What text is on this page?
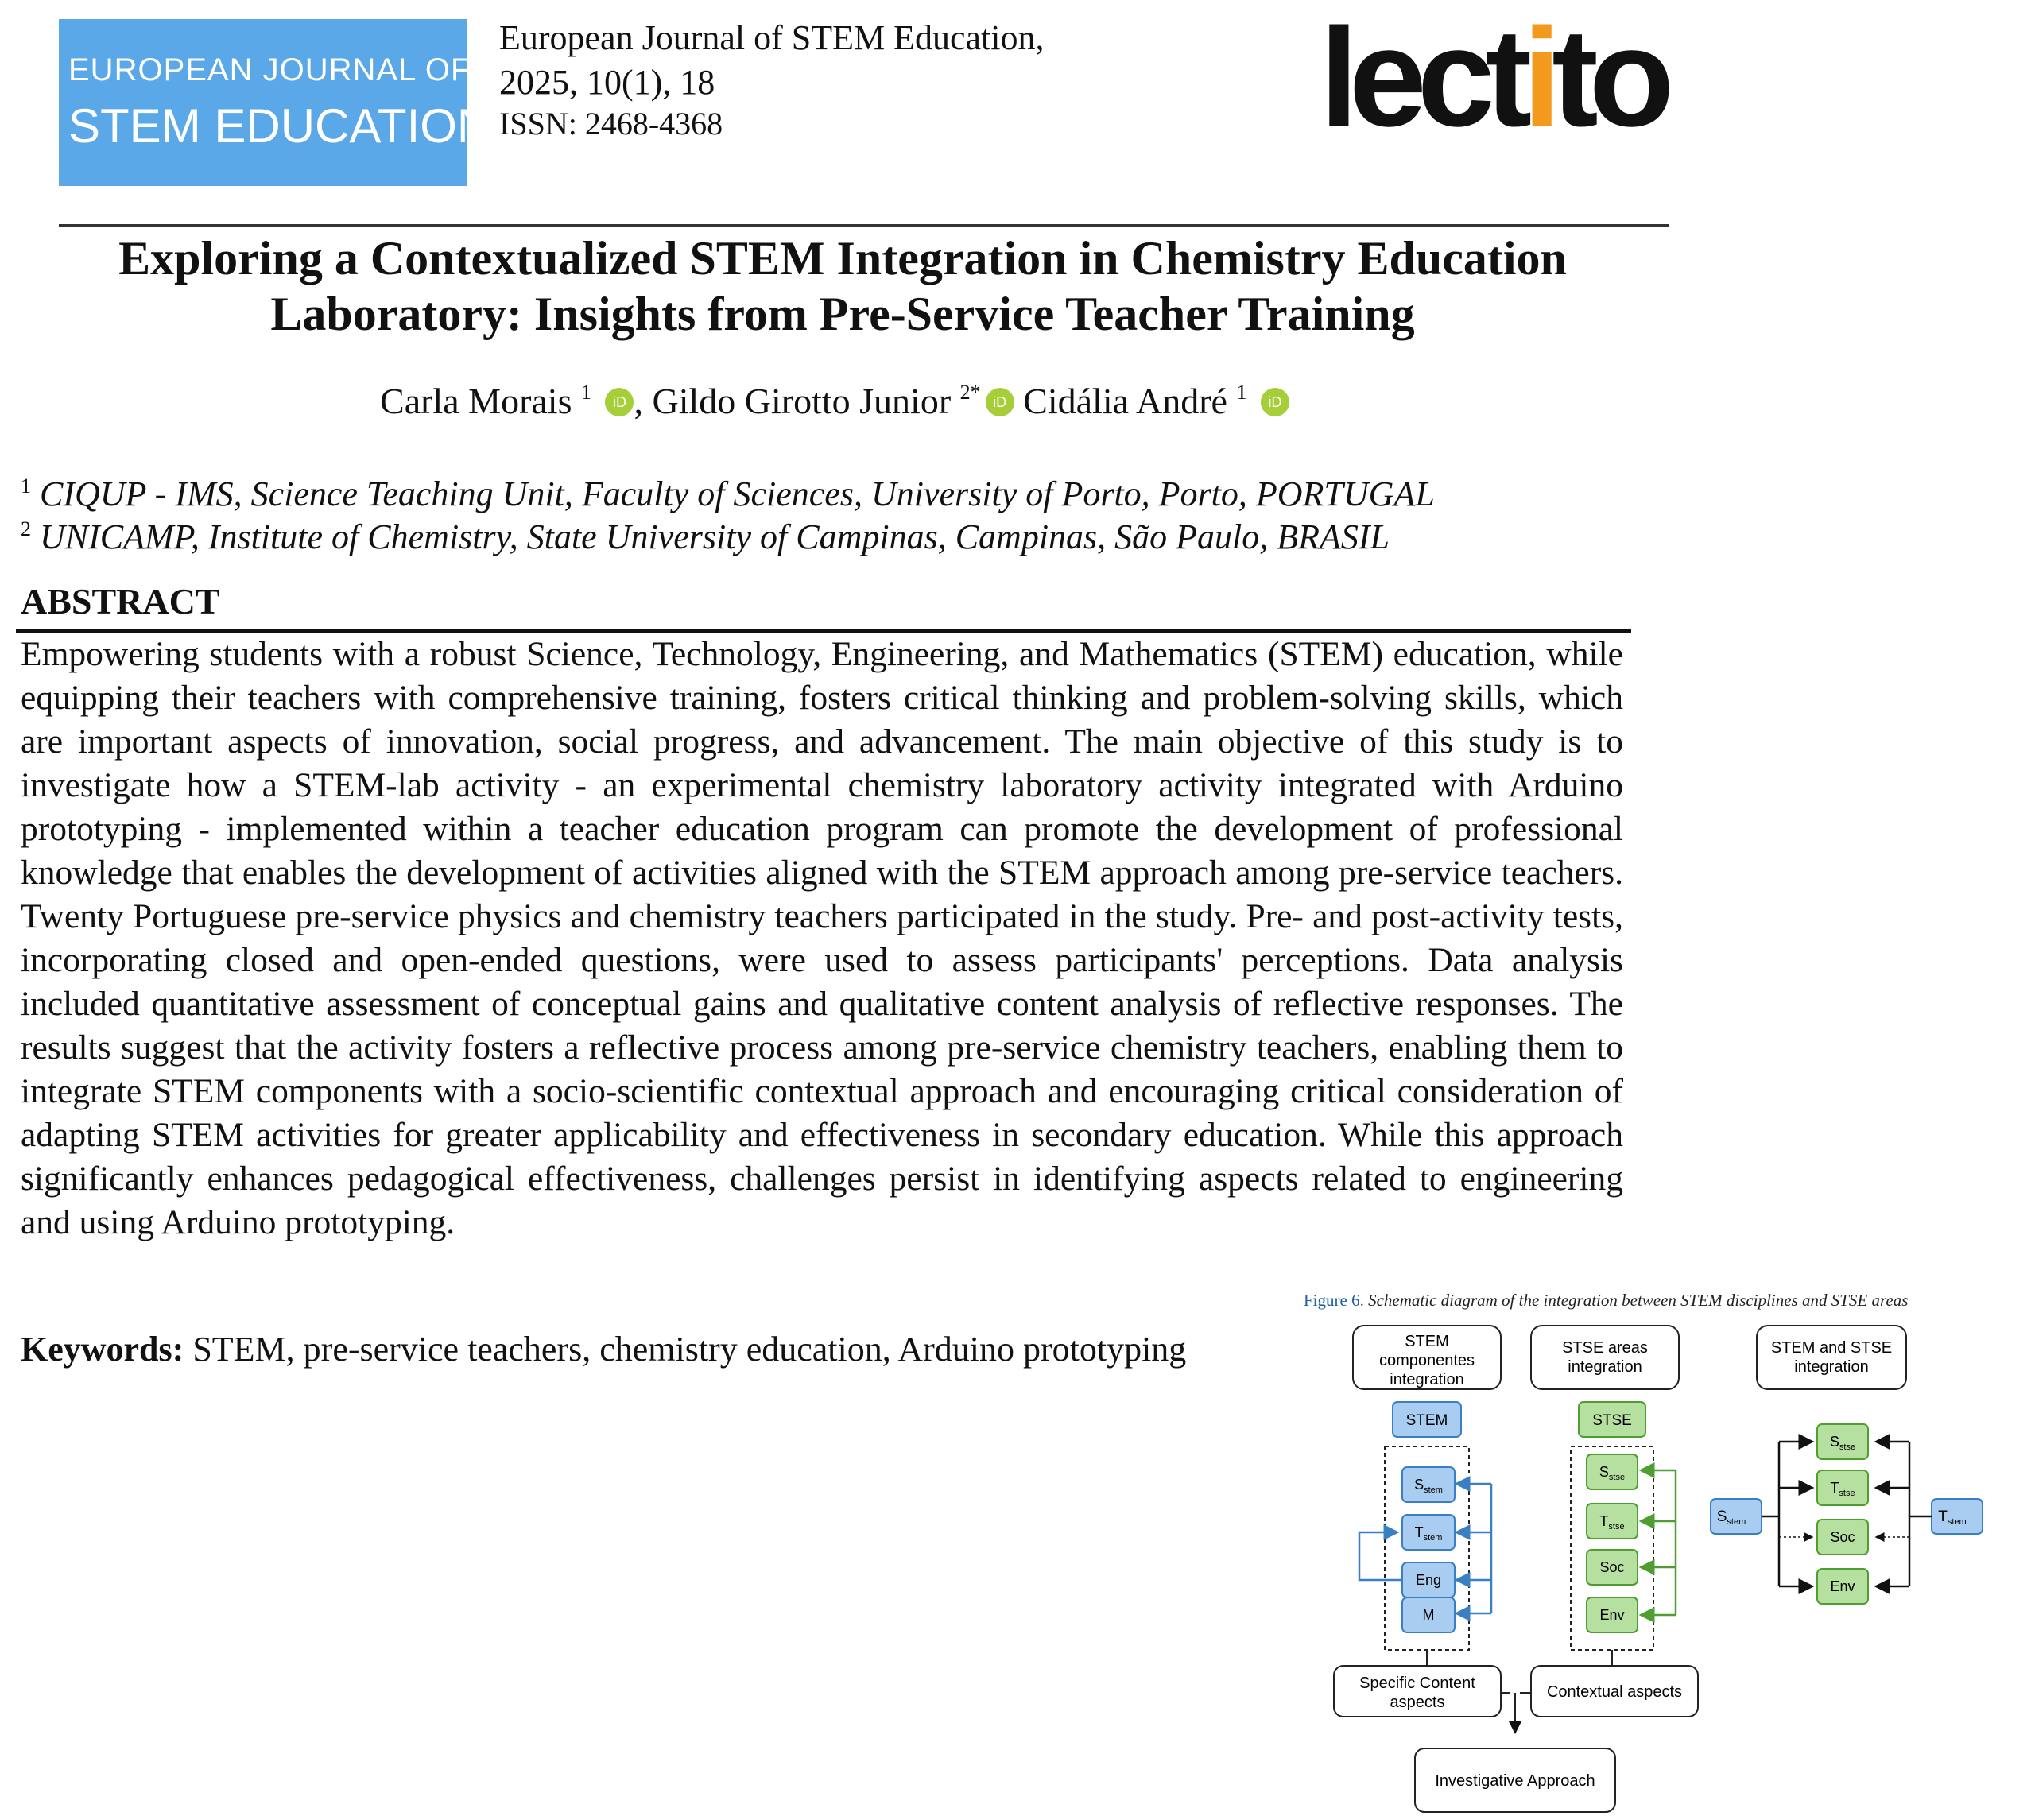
EUROPEAN JOURNAL OF
STEM EDUCATION
European Journal of STEM Education,
2025, 10(1), 18
ISSN: 2468-4368	lectito
Exploring a Contextualized STEM Integration in Chemistry Education
Laboratory: Insights from Pre-Service Teacher Training
Carla Morais $^1$ iD , Gildo Girotto Junior $^{2*}$ iD Cidália André $^1$ iD
$^1$ CIQUP - IMS, Science Teaching Unit, Faculty of Sciences, University of Porto, Porto, PORTUGAL
$^2$ UNICAMP, Institute of Chemistry, State University of Campinas, Campinas, São Paulo, BRASIL
ABSTRACT
Empowering students with a robust Science, Technology, Engineering, and Mathematics (STEM) education, while equipping their teachers with comprehensive training, fosters critical thinking and problem-solving skills, which are important aspects of innovation, social progress, and advancement. The main objective of this study is to investigate how a STEM-lab activity - an experimental chemistry laboratory activity integrated with Arduino prototyping - implemented within a teacher education program can promote the development of professional knowledge that enables the development of activities aligned with the STEM approach among pre-service teachers. Twenty Portuguese pre-service physics and chemistry teachers participated in the study. Pre- and post-activity tests, incorporating closed and open-ended questions, were used to assess participants' perceptions. Data analysis included quantitative assessment of conceptual gains and qualitative content analysis of reflective responses. The results suggest that the activity fosters a reflective process among pre-service chemistry teachers, enabling them to integrate STEM components with a socio-scientific contextual approach and encouraging critical consideration of adapting STEM activities for greater applicability and effectiveness in secondary education. While this approach significantly enhances pedagogical effectiveness, challenges persist in identifying aspects related to engineering and using Arduino prototyping.
Keywords: STEM, pre-service teachers, chemistry education, Arduino prototyping
Figure 6. Schematic diagram of the integration between STEM disciplines and STSE areas
STEM
componentes
integration
STSE areas
integration
STEM and STSE
integration
STEM	STSE
$S_{stem}$
$T_{stem}$
Eng
M
$S_{stse}$
$T_{stse}$
Soc
Env
Specific Content
aspects
Contextual aspects
Investigative Approach
$S_{stse}$
$T_{stse}$
Soc
Env
$S_{stem}$	$T_{stem}$
